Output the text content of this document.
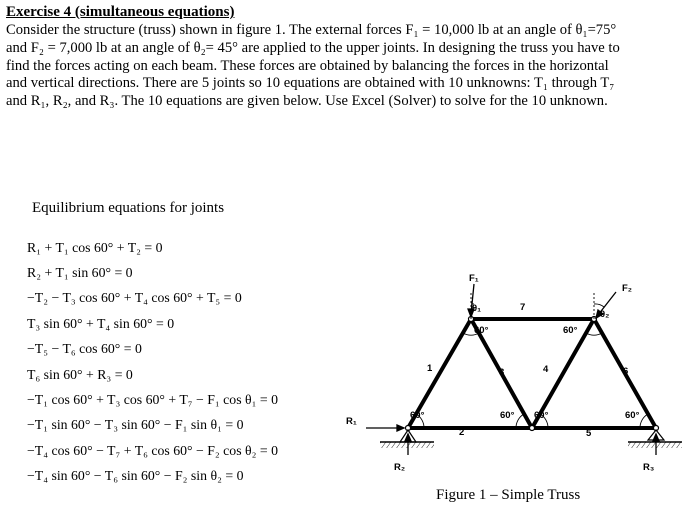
Exercise 4 (simultaneous equations)

Consider the structure (truss) shown in figure 1. The external forces F₁ = 10,000 lb at an angle of θ₁=75°
and F₂ = 7,000 lb at an angle of θ₂= 45° are applied to the upper joints. In designing the truss you have to
find the forces acting on each beam. These forces are obtained by balancing the forces in the horizontal
and vertical directions. There are 5 joints so 10 equations are obtained with 10 unknowns: T₁ through T₇
and R₁, R₂, and R₃. The 10 equations are given below. Use Excel (Solver) to solve for the 10 unknown.

Equilibrium equations for joints
R₁ + T₁ cos 60° + T₂ = 0
R₂ + T₁ sin 60° = 0
−T₂ − T₃ cos 60° + T₄ cos 60° + T₅ = 0
T₃ sin 60° + T₄ sin 60° = 0
−T₅ − T₆ cos 60° = 0
T₆ sin 60° + R₃ = 0
−T₁ cos 60° + T₃ cos 60° + T₇ − F₁ cos θ₁ = 0
−T₁ sin 60° − T₃ sin 60° − F₁ sin θ₁ = 0
−T₄ cos 60° − T₇ + T₆ cos 60° − F₂ cos θ₂ = 0
−T₄ sin 60° − T₆ sin 60° − F₂ sin θ₂ = 0
F₁
F₂
θ₁
θ₂
R₁
R₂	R₃
1
2
3	4
5
6
7
60°
60°
60° 60°
60°
60°
Figure 1 – Simple Truss
